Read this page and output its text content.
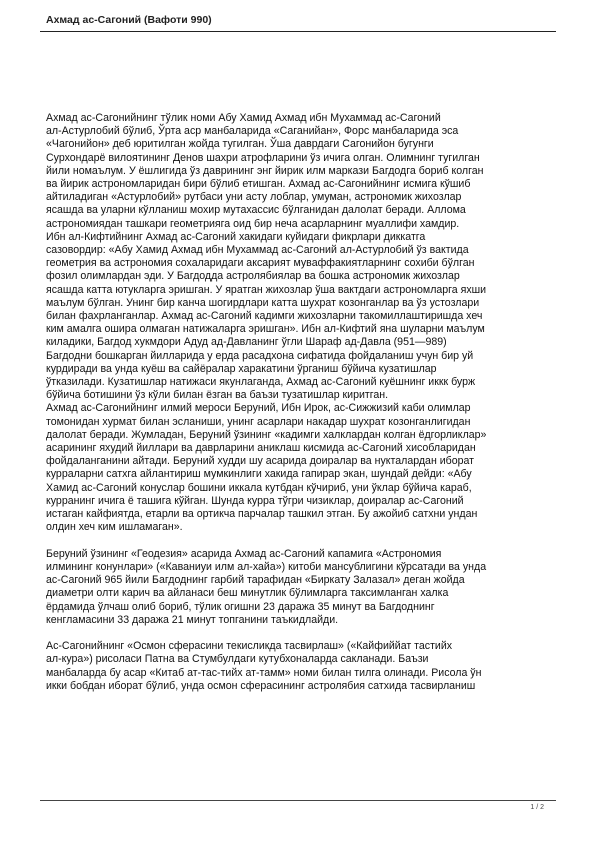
Ахмад ас-Сагоний (Вафоти 990)

Ахмад ас-Сагонийнинг тўлик номи Абу Хамид Ахмад ибн Мухаммад ас-Сагоний
ал-Астурлобий бўлиб, Ўрта аср манбаларида «Саганийан», Форс манбаларида эса
«Чагонийон» деб юритилган жойда тугилган. Ўша даврдаги Сагонийон бугунги
Сурхондарё вилоятининг Денов шахри атрофларини ўз ичига олган. Олимнинг тугилган
йили номаълум. У ёшлигида ўз даврининг энг йирик илм маркази Багдодга бориб колган
ва йирик астрономларидан бири бўлиб етишган. Ахмад ас-Сагонийнинг исмига кўшиб
айтиладиган «Астурлобий» рутбаси уни асту лоблар, умуман, астрономик жихозлар
ясашда ва уларни кўлланиш мохир мутахассис бўлганидан далолат беради. Аллома
астрономиядан ташкари геометрияга оид бир неча асарларнинг муаллифи хамдир.
Ибн ал-Кифтийнинг Ахмад ас-Сагоний хакидаги куйидаги фикрлари диккатга
сазовордир: «Абу Хамид Ахмад ибн Мухаммад ас-Сагоний ал-Астурлобий ўз вактида
геометрия ва астрономия сохаларидаги аксарият муваффакиятларнинг сохиби бўлган
фозил олимлардан эди. У Багдодда астролябиялар ва бошка астрономик жихозлар
ясашда катта ютукларга эришган. У яратган жихозлар ўша вактдаги астрономларга яхши
маълум бўлган. Унинг бир канча шогирдлари катта шухрат козонганлар ва ўз устозлари
билан фахрланганлар. Ахмад ас-Сагоний кадимги жихозларни такомиллаштиришда хеч
ким амалга ошира олмаган натижаларга эришган». Ибн ал-Кифтий яна шуларни маълум
киладики, Багдод хукмдори Адуд ад-Давланинг ўгли Шараф ад-Давла (951—989)
Багдодни бошкарган йилларида у ерда расадхона сифатида фойдаланиш учун бир уй
курдиради ва унда куёш ва сайёралар харакатини ўрганиш бўйича кузатишлар
ўтказилади. Кузатишлар натижаси якунлаганда, Ахмад ас-Сагоний куёшнинг иккк бурж
бўйича ботишини ўз кўли билан ёзган ва баъзи тузатишлар киритган.
Ахмад ас-Сагонийнинг илмий мероси Беруний, Ибн Ирок, ас-Сижжизий каби олимлар
томонидан хурмат билан эсланиши, унинг асарлари накадар шухрат козонганлигидан
далолат беради. Жумладан, Беруний ўзининг «кадимги халклардан колган ёдгорликлар»
асарининг яхудий йиллари ва даврларини аниклаш кисмида ас-Сагоний хисобларидан
фойдаланганини айтади. Беруний худди шу асарида доиралар ва нукталардан иборат
курраларни сатхга айлантириш мумкинлиги хакида гапирар экан, шундай дейди: «Абу
Хамид ас-Сагоний конуслар бошини иккала кутбдан кўчириб, уни ўклар бўйича караб,
курранинг ичига ё ташига кўйган. Шунда курра тўгри чизиклар, доиралар ас-Сагоний
истаган кайфиятда, етарли ва ортикча парчалар ташкил этган. Бу ажойиб сатхни ундан
олдин хеч ким ишламаган».

Беруний ўзининг «Геодезия» асарида Ахмад ас-Сагоний капамига «Астрономия
илмининг конунлари» («Каваниyи илм ал-хайа») китоби мансублигини кўрсатади ва унда
ас-Сагоний 965 йили Багдоднинг гарбий тарафидан «Биркату Залазал» деган жойда
диаметри олти карич ва айланаси беш минутлик бўлимларга таксимланган халка
ёрдамида ўлчаш олиб бориб, тўлик огишни 23 даража 35 минут ва Багдоднинг
кенгламасини 33 даража 21 минут топганини таъкидлайди.

Ас-Сагонийнинг «Осмон сферасини текисликда тасвирлаш» («Кайфиййат тастийх
ал-кура») рисоласи Патна ва Стумбулдаги кутубхоналарда сакланади. Баъзи
манбаларда бу асар «Китаб ат-тас-тийх ат-тамм» номи билан тилга олинади. Рисола ўн
икки бобдан иборат бўлиб, унда осмон сферасининг астролябия сатхида тасвирланиш

1 / 2
